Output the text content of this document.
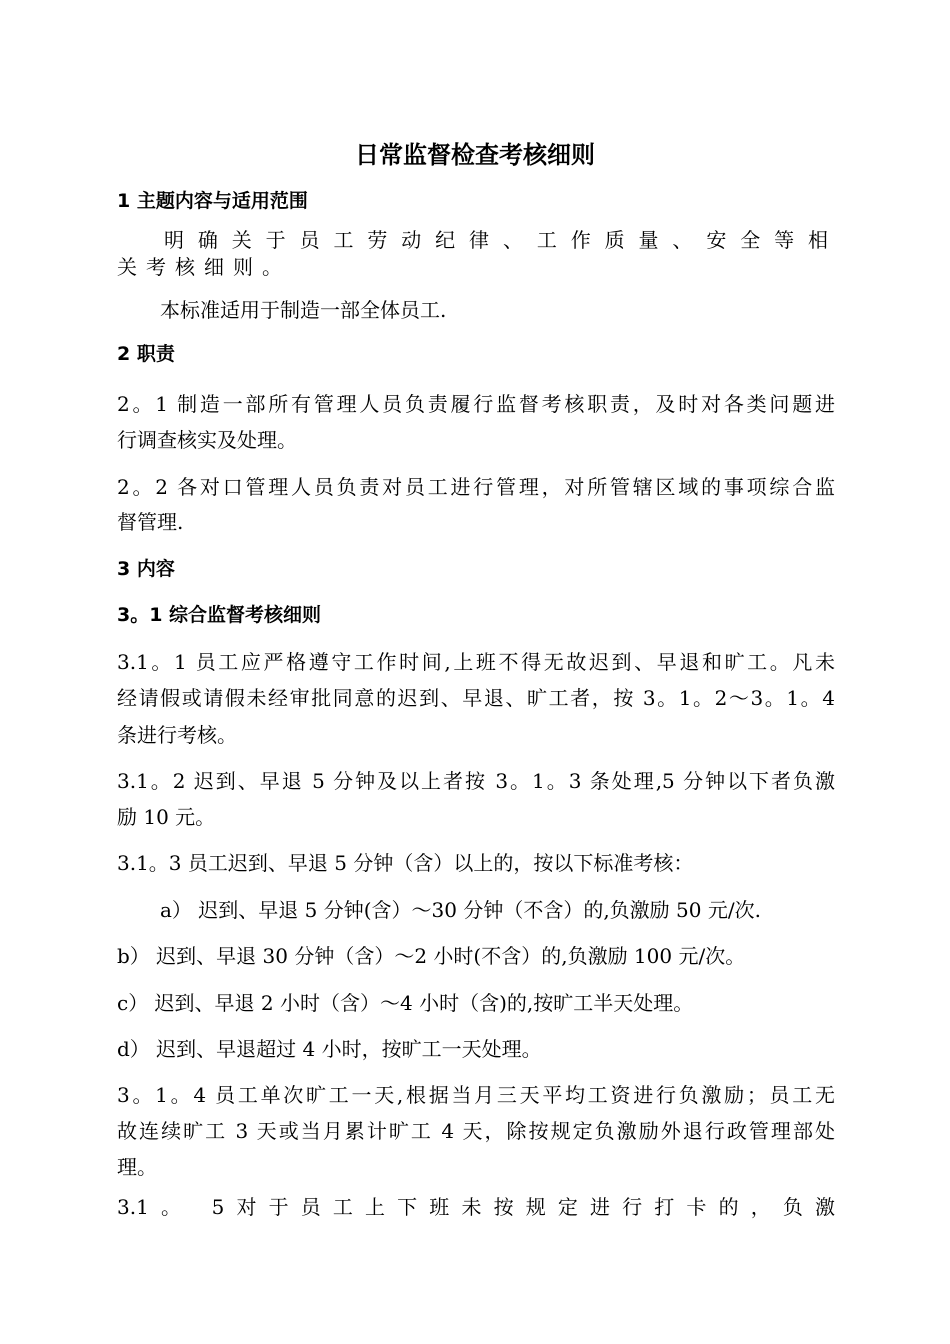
日常监督检查考核细则
1 主题内容与适用范围
明确关于员工劳动纪律、工作质量、安全等相
关考核细则。
本标准适用于制造一部全体员工.
2 职责
2。1 制造一部所有管理人员负责履行监督考核职责，及时对各类问题进
行调查核实及处理。
2。2 各对口管理人员负责对员工进行管理，对所管辖区域的事项综合监
督管理.
3 内容
3。1 综合监督考核细则
3.1。1 员工应严格遵守工作时间,上班不得无故迟到、早退和旷工。凡未
经请假或请假未经审批同意的迟到、早退、旷工者，按 3。1。2～3。1。4
条进行考核。
3.1。2 迟到、早退 5 分钟及以上者按 3。1。3 条处理,5 分钟以下者负激
励 10 元。
3.1。3 员工迟到、早退 5 分钟（含）以上的，按以下标准考核：
a） 迟到、早退 5 分钟(含）～30 分钟（不含）的,负激励 50 元/次.
b） 迟到、早退 30 分钟（含）～2 小时(不含）的,负激励 100 元/次。
c） 迟到、早退 2 小时（含）～4 小时（含)的,按旷工半天处理。
d） 迟到、早退超过 4 小时，按旷工一天处理。
3。1。4 员工单次旷工一天,根据当月三天平均工资进行负激励；员工无
故连续旷工 3 天或当月累计旷工 4 天，除按规定负激励外退行政管理部处
理。
3.1。 5对于员工上下班未按规定进行打卡的，负激
